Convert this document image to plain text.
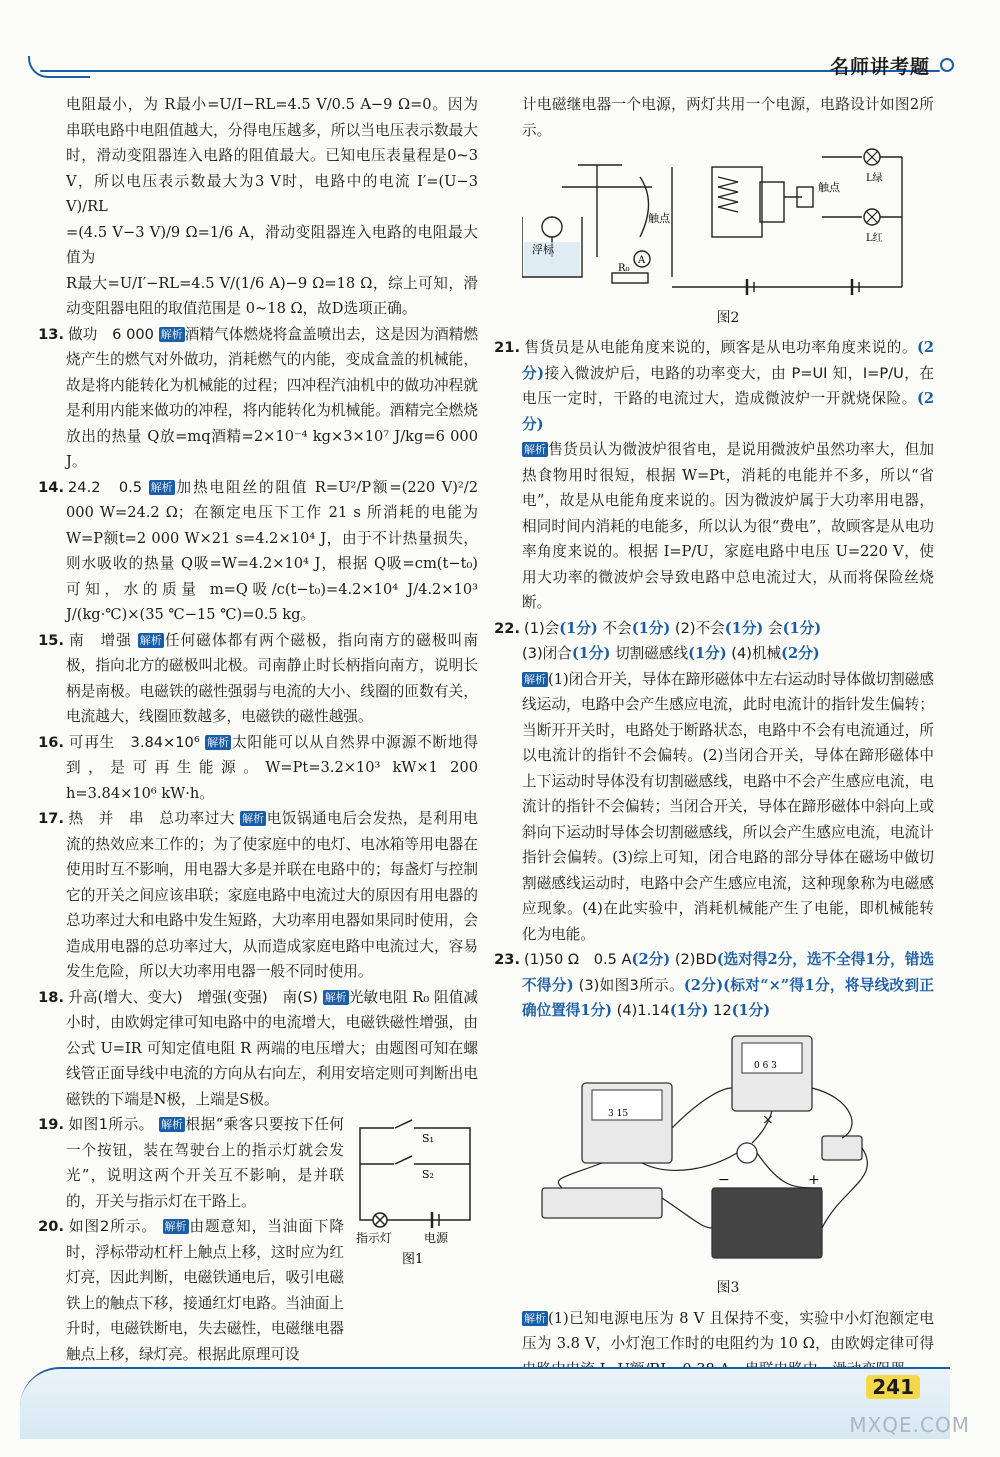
名师讲考题

电阻最小，为 R最小=U/I−RL=4.5 V/0.5 A−9 Ω=0。因为串联电路中电阻值越大，分得电压越多，所以当电压表示数最大时，滑动变阻器连入电路的阻值最大。已知电压表量程是0~3 V，所以电压表示数最大为3 V时，电路中的电流 I′=(U−3 V)/RL

=(4.5 V−3 V)/9 Ω=1/6 A，滑动变阻器连入电路的电阻最大值为

R最大=U/I′−RL=4.5 V/(1/6 A)−9 Ω=18 Ω，综上可知，滑动变阻器电阻的取值范围是 0~18 Ω，故D选项正确。

13. 做功　6 000 解析 酒精气体燃烧将盒盖喷出去，这是因为酒精燃烧产生的燃气对外做功，消耗燃气的内能，变成盒盖的机械能，故是将内能转化为机械能的过程；四冲程汽油机中的做功冲程就是利用内能来做功的冲程，将内能转化为机械能。酒精完全燃烧放出的热量 Q放=mq酒精=2×10⁻⁴ kg×3×10⁷ J/kg=6 000 J。

14. 24.2　0.5 解析 加热电阻丝的阻值 R=U²/P额=(220 V)²/2 000 W=24.2 Ω；在额定电压下工作 21 s 所消耗的电能为 W=P额t=2 000 W×21 s=4.2×10⁴ J，由于不计热量损失，则水吸收的热量 Q吸=W=4.2×10⁴ J，根据 Q吸=cm(t−t₀) 可知，水的质量 m=Q吸/c(t−t₀)=4.2×10⁴ J/4.2×10³ J/(kg·℃)×(35 ℃−15 ℃)=0.5 kg。

15. 南　增强 解析 任何磁体都有两个磁极，指向南方的磁极叫南极，指向北方的磁极叫北极。司南静止时长柄指向南方，说明长柄是南极。电磁铁的磁性强弱与电流的大小、线圈的匝数有关，电流越大，线圈匝数越多，电磁铁的磁性越强。

16. 可再生　3.84×10⁶ 解析 太阳能可以从自然界中源源不断地得到，是可再生能源。W=Pt=3.2×10³ kW×1 200 h=3.84×10⁶ kW·h。

17. 热　并　串　总功率过大 解析 电饭锅通电后会发热，是利用电流的热效应来工作的；为了使家庭中的电灯、电冰箱等用电器在使用时互不影响，用电器大多是并联在电路中的；每盏灯与控制它的开关之间应该串联；家庭电路中电流过大的原因有用电器的总功率过大和电路中发生短路，大功率用电器如果同时使用，会造成用电器的总功率过大，从而造成家庭电路中电流过大，容易发生危险，所以大功率用电器一般不同时使用。

18. 升高(增大、变大)　增强(变强)　南(S) 解析 光敏电阻 R₀ 阻值减小时，由欧姆定律可知电路中的电流增大，电磁铁磁性增强，由公式 U=IR 可知定值电阻 R 两端的电压增大；由题图可知在螺线管正面导线中电流的方向从右向左，利用安培定则可判断出电磁铁的下端是N极，上端是S极。

19. 如图1所示。 解析 根据“乘客只要按下任何一个按钮，装在驾驶台上的指示灯就会发光”，说明这两个开关互不影响，是并联的，开关与指示灯在干路上。

20. 如图2所示。 解析 由题意知，当油面下降时，浮标带动杠杆上触点上移，这时应为红灯亮，因此判断，电磁铁通电后，吸引电磁铁上的触点下移，接通红灯电路。当油面上升时，电磁铁断电，失去磁性，电磁继电器触点上移，绿灯亮。根据此原理可设

S₁
S₂
指示灯	电源
图1

计电磁继电器一个电源，两灯共用一个电源，电路设计如图2所示。

浮标
触点
触点
R₀
A
L绿
L红
图2

21. 售货员是从电能角度来说的，顾客是从电功率角度来说的。(2分)接入微波炉后，电路的功率变大，由 P=UI 知，I=P/U，在电压一定时，干路的电流过大，造成微波炉一开就烧保险。(2分)
解析 售货员认为微波炉很省电，是说用微波炉虽然功率大，但加热食物用时很短，根据 W=Pt，消耗的电能并不多，所以“省电”，故是从电能角度来说的。因为微波炉属于大功率用电器，相同时间内消耗的电能多，所以认为很“费电”，故顾客是从电功率角度来说的。根据 I=P/U，家庭电路中电压 U=220 V，使用大功率的微波炉会导致电路中总电流过大，从而将保险丝烧断。

22. (1)会(1分) 不会(1分) (2)不会(1分) 会(1分)
(3)闭合(1分) 切割磁感线(1分) (4)机械(2分)
解析 (1)闭合开关，导体在蹄形磁体中左右运动时导体做切割磁感线运动，电路中会产生感应电流，此时电流计的指针发生偏转；当断开开关时，电路处于断路状态，电路中不会有电流通过，所以电流计的指针不会偏转。(2)当闭合开关，导体在蹄形磁体中上下运动时导体没有切割磁感线，电路中不会产生感应电流，电流计的指针不会偏转；当闭合开关，导体在蹄形磁体中斜向上或斜向下运动时导体会切割磁感线，所以会产生感应电流，电流计指针会偏转。(3)综上可知，闭合电路的部分导体在磁场中做切割磁感线运动时，电路中会产生感应电流，这种现象称为电磁感应现象。(4)在此实验中，消耗机械能产生了电能，即机械能转化为电能。

23. (1)50 Ω　0.5 A(2分) (2)BD(选对得2分，选不全得1分，错选不得分) (3)如图3所示。(2分)(标对“×”得1分，将导线改到正确位置得1分) (4)1.14(1分) 12(1分)

×
0 6 3
3 15
−	+
图3

解析 (1)已知电源电压为 8 V 且保持不变，实验中小灯泡额定电压为 3.8 V，小灯泡工作时的电阻约为 10 Ω，由欧姆定律可得

241
MXQE.COM
